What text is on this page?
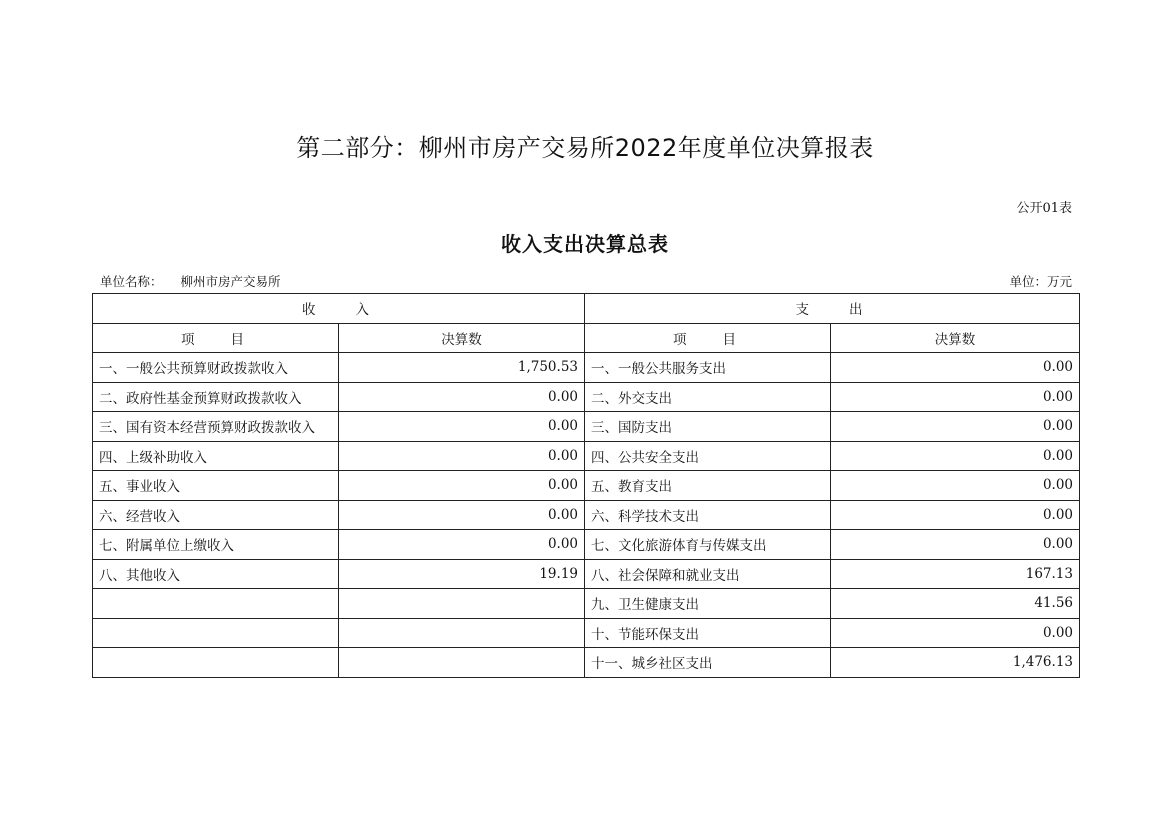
第二部分：柳州市房产交易所2022年度单位决算报表
公开01表
收入支出决算总表
单位名称： 柳州市房产交易所	单位：万元
收入		支出	
项目	决算数	项目	决算数
一、一般公共预算财政拨款收入	1,750.53	一、一般公共服务支出	0.00
二、政府性基金预算财政拨款收入	0.00	二、外交支出	0.00
三、国有资本经营预算财政拨款收入	0.00	三、国防支出	0.00
四、上级补助收入	0.00	四、公共安全支出	0.00
五、事业收入	0.00	五、教育支出	0.00
六、经营收入	0.00	六、科学技术支出	0.00
七、附属单位上缴收入	0.00	七、文化旅游体育与传媒支出	0.00
八、其他收入	19.19	八、社会保障和就业支出	167.13
		九、卫生健康支出	41.56
		十、节能环保支出	0.00
		十一、城乡社区支出	1,476.13
